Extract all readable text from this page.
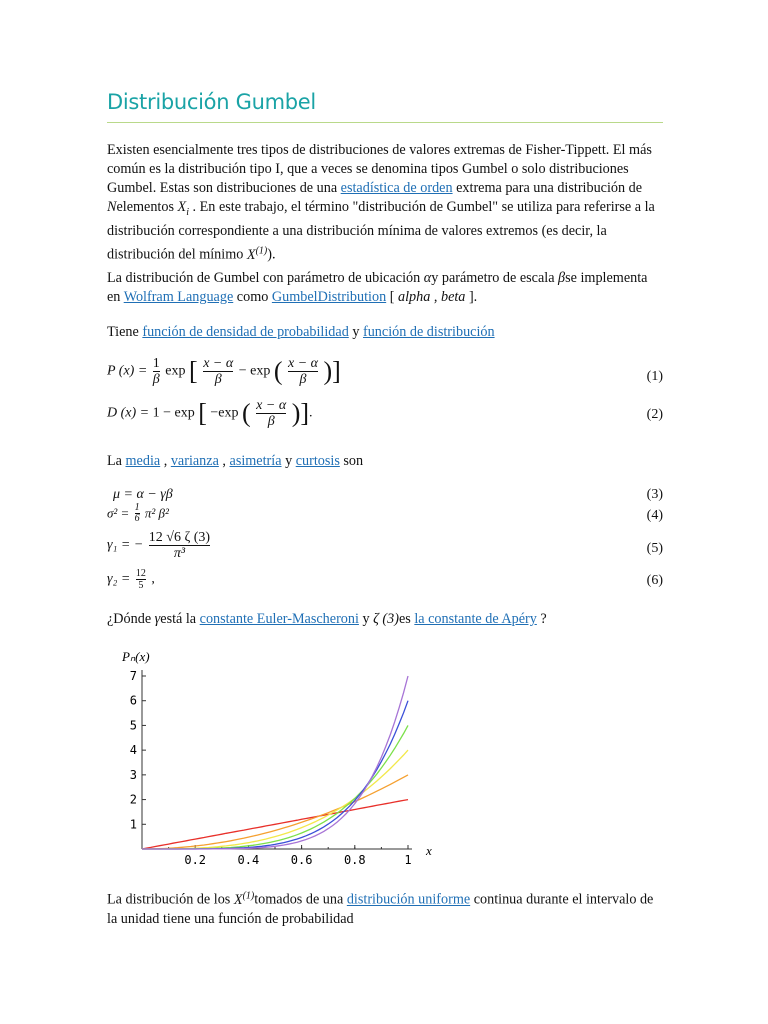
Distribución Gumbel

Existen esencialmente tres tipos de distribuciones de valores extremas de Fisher-Tippett. El más común es la distribución tipo I, que a veces se denomina tipos Gumbel o solo distribuciones Gumbel. Estas son distribuciones de una estadística de orden extrema para una distribución de Nelementos $X_i$ . En este trabajo, el término "distribución de Gumbel" se utiliza para referirse a la distribución correspondiente a una distribución mínima de valores extremos (es decir, la distribución del mínimo $X^{(1)}$).

La distribución de Gumbel con parámetro de ubicación αy parámetro de escala βse implementa en Wolfram Language como GumbelDistribution [ alpha , beta ].

Tiene función de densidad de probabilidad y función de distribución

P $(x) = \frac{1}{\beta}$ exp [ $\frac{x - \alpha}{\beta} - \exp$ ( $\frac{x - \alpha}{\beta}$ )]	(1)
D (x) = 1 − exp [ −exp ( $\frac{x - \alpha}{\beta}$ )].	(2)

La media , varianza , asimetría y curtosis son

μ = α − γβ	(3)
$\sigma^2 = \frac{1}{6} \pi^2$ β²	(4)
γ₁ = − $\frac{12 √6 \zeta (3)}{\text{π³}}$	(5)
$\gamma_2 = \frac{12}{5}$ ,	(6)

¿Dónde γestá la constante Euler-Mascheroni y ζ (3)es la constante de Apéry ?

Pₙ(x)
x
0.2	0.4	0.6	0.8	1
1
2
3
4
5
6
7

La distribución de los $X^{(1)}tomados$ de una distribución uniforme continua durante el intervalo de la unidad tiene una función de probabilidad
